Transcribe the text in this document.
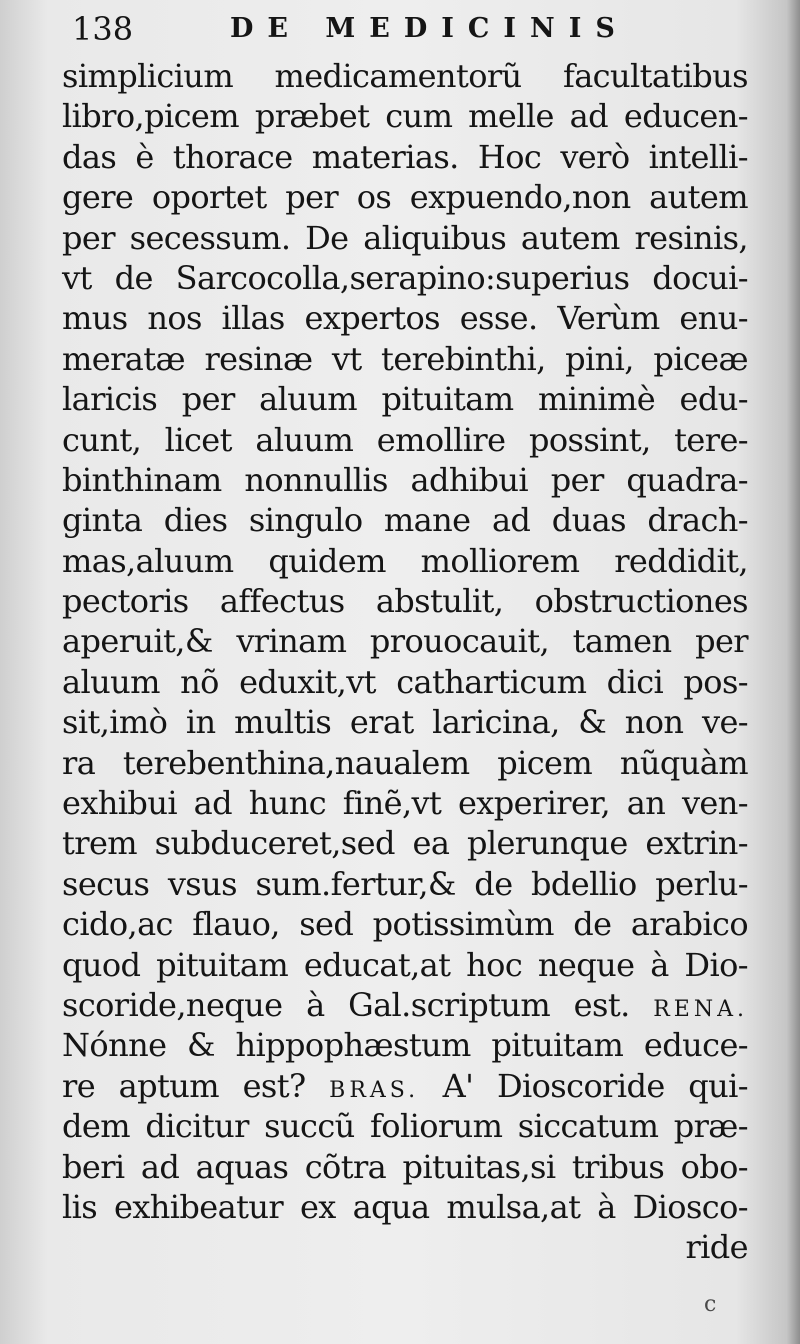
138	DE MEDICINIS
simplicium medicamentorũ facultatibus
libro,picem præbet cum melle ad educen-
das è thorace materias. Hoc verò intelli-
gere oportet per os expuendo,non autem
per secessum. De aliquibus autem resinis,
vt de Sarcocolla,serapino:superius docui-
mus nos illas expertos esse. Verùm enu-
meratæ resinæ vt terebinthi, pini, piceæ
laricis per aluum pituitam minimè edu-
cunt, licet aluum emollire possint, tere-
binthinam nonnullis adhibui per quadra-
ginta dies singulo mane ad duas drach-
mas,aluum quidem molliorem reddidit,
pectoris affectus abstulit, obstructiones
aperuit,& vrinam prouocauit, tamen per
aluum nõ eduxit,vt catharticum dici pos-
sit,imò in multis erat laricina, & non ve-
ra terebenthina,naualem picem nũquàm
exhibui ad hunc finẽ,vt experirer, an ven-
trem subduceret,sed ea plerunque extrin-
secus vsus sum.fertur,& de bdellio perlu-
cido,ac flauo, sed potissimùm de arabico
quod pituitam educat,at hoc neque à Dio-
scoride,neque à Gal.scriptum est. RENA.
Nónne & hippophæstum pituitam educe-
re aptum est? BRAS. A' Dioscoride qui-
dem dicitur succũ foliorum siccatum præ-
beri ad aquas cõtra pituitas,si tribus obo-
lis exhibeatur ex aqua mulsa,at à Diosco-
ride
c
